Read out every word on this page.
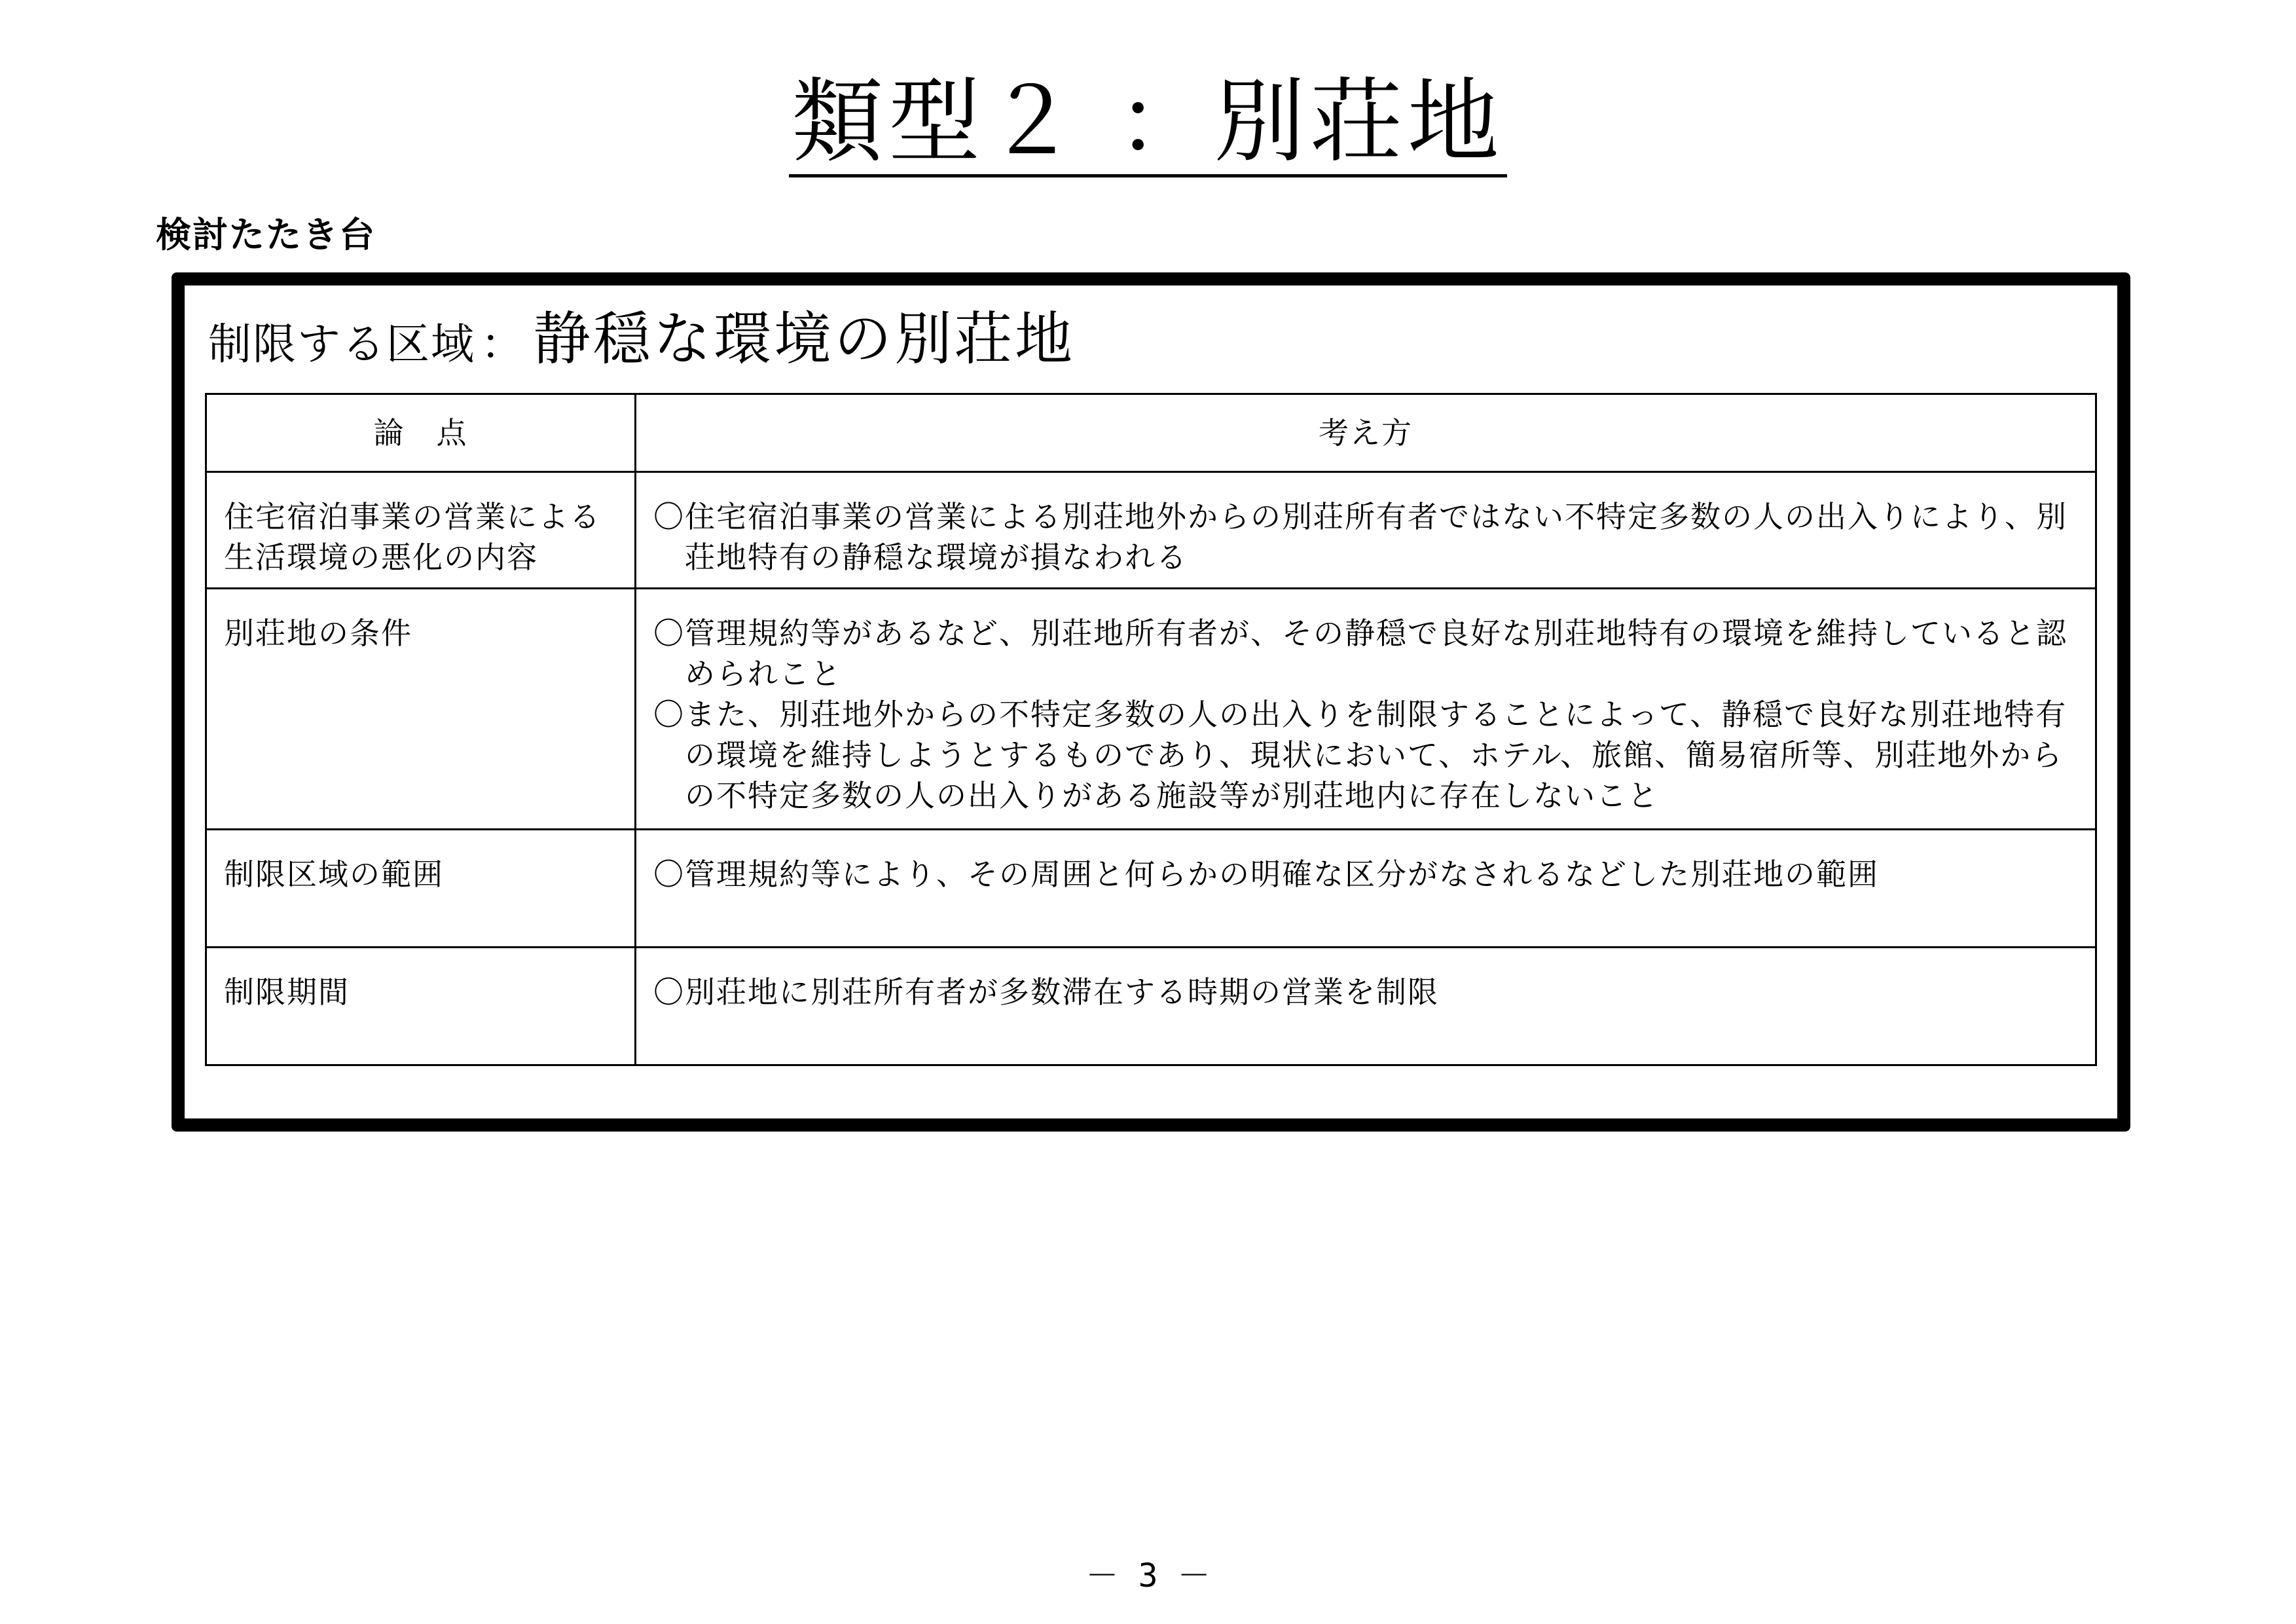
類型２ ：別荘地
検討たたき台
制限する区域 ： 静穏な環境の別荘地
論　点	考え方
住宅宿泊事業の営業による生活環境の悪化の内容	〇住宅宿泊事業の営業による別荘地外からの別荘所有者ではない不特定多数の人の出入りにより、別荘地特有の静穏な環境が損なわれる

別荘地の条件	〇管理規約等があるなど、別荘地所有者が、その静穏で良好な別荘地特有の環境を維持していると認められこと
〇また、別荘地外からの不特定多数の人の出入りを制限することによって、静穏で良好な別荘地特有の環境を維持しようとするものであり、現状において、ホテル、旅館、簡易宿所等、別荘地外からの不特定多数の人の出入りがある施設等が別荘地内に存在しないこと

制限区域の範囲	〇管理規約等により、その周囲と何らかの明確な区分がなされるなどした別荘地の範囲

制限期間	〇別荘地に別荘所有者が多数滞在する時期の営業を制限
－ 3 －
